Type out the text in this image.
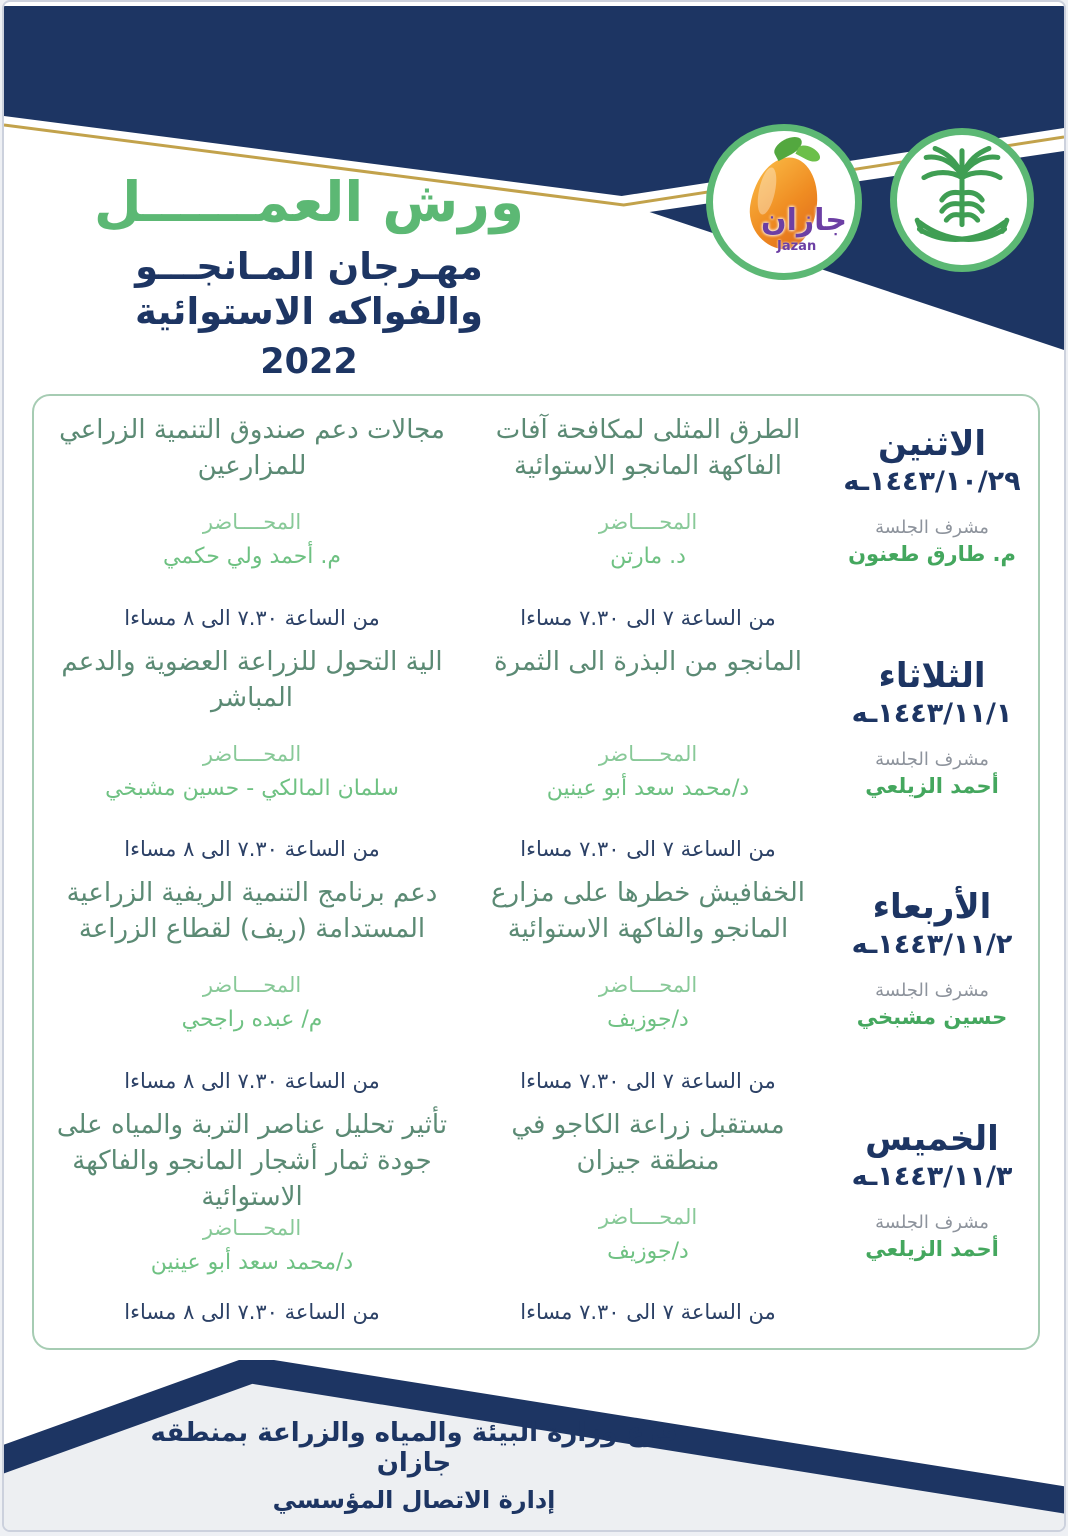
جازان
Jazan
ورش العمــــــل
مهـرجان المـانجـــو
والفواكه الاستوائية
2022
الاثنين
١٤٤٣/١٠/٢٩ـه
مشرف الجلسة
م. طارق طعنون
الطرق المثلى لمكافحة آفات الفاكهة المانجو الاستوائية
المحــــاضر
د. مارتن
من الساعة ٧ الى ٧.٣٠ مساءا
مجالات دعم صندوق التنمية الزراعي للمزارعين
المحــــاضر
م. أحمد ولي حكمي
من الساعة ٧.٣٠ الى ٨ مساءا
الثلاثاء
١٤٤٣/١١/١ـه
مشرف الجلسة
أحمد الزيلعي
المانجو من البذرة الى الثمرة
المحــــاضر
د/محمد سعد أبو عينين
من الساعة ٧ الى ٧.٣٠ مساءا
الية التحول للزراعة العضوية والدعم المباشر
المحــــاضر
سلمان المالكي - حسين مشبخي
من الساعة ٧.٣٠ الى ٨ مساءا
الأربعاء
١٤٤٣/١١/٢ـه
مشرف الجلسة
حسين مشبخي
الخفافيش خطرها على مزارع المانجو والفاكهة الاستوائية
المحــــاضر
د/جوزيف
من الساعة ٧ الى ٧.٣٠ مساءا
دعم برنامج التنمية الريفية الزراعية المستدامة (ريف) لقطاع الزراعة
المحــــاضر
م/ عبده راجحي
من الساعة ٧.٣٠ الى ٨ مساءا
الخميس
١٤٤٣/١١/٣ـه
مشرف الجلسة
أحمد الزيلعي
مستقبل زراعة الكاجو في منطقة جيزان
المحــــاضر
د/جوزيف
من الساعة ٧ الى ٧.٣٠ مساءا
تأثير تحليل عناصر التربة والمياه على جودة ثمار أشجار المانجو والفاكهة الاستوائية
المحــــاضر
د/محمد سعد أبو عينين
من الساعة ٧.٣٠ الى ٨ مساءا
فرع وزارة البيئة والمياه والزراعة بمنطقه جازان
إدارة الاتصال المؤسسي
